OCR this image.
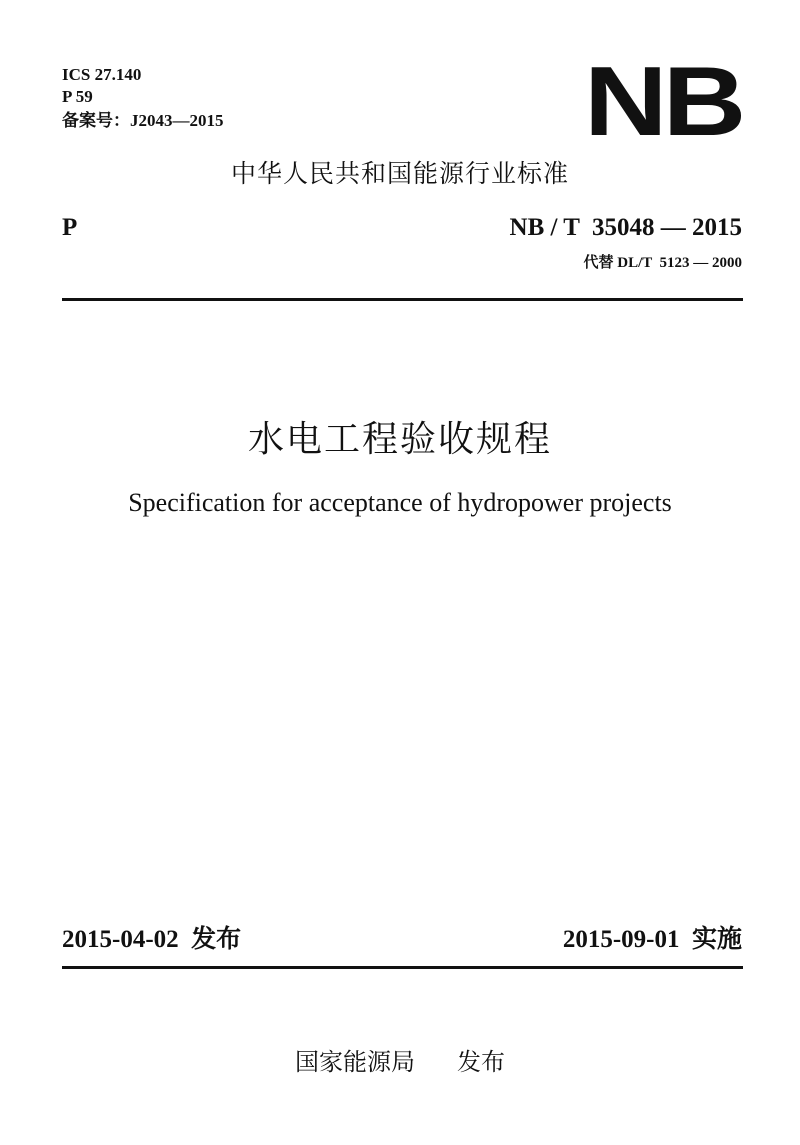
ICS 27.140
P 59
备案号：J2043—2015	NB
中华人民共和国能源行业标准
P	NB / T  35048 — 2015
代替 DL/T  5123 — 2000
水电工程验收规程
Specification for acceptance of hydropower projects
2015-04-02  发布	2015-09-01  实施
国家能源局 发布
